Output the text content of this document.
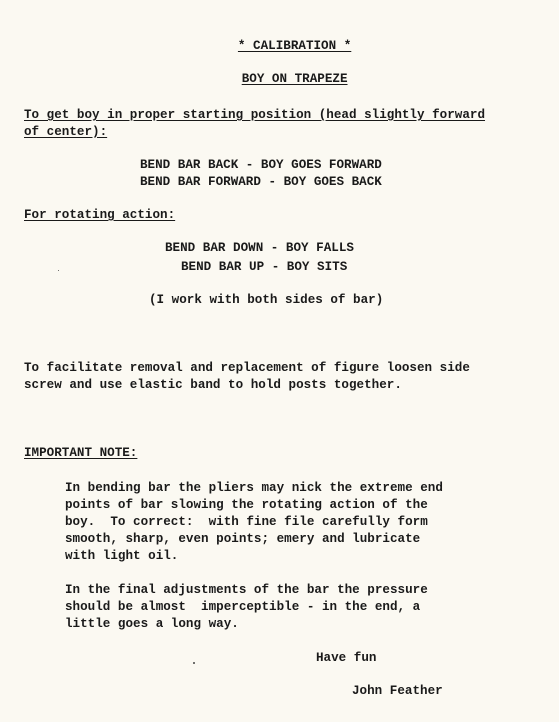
* CALIBRATION *

BOY ON TRAPEZE

To get boy in proper starting position (head slightly forward
of center):
BEND BAR BACK - BOY GOES FORWARD
BEND BAR FORWARD - BOY GOES BACK
For rotating action:
BEND BAR DOWN - BOY FALLS
BEND BAR UP - BOY SITS
(I work with both sides of bar)
To facilitate removal and replacement of figure loosen side
screw and use elastic band to hold posts together.
IMPORTANT NOTE:
In bending bar the pliers may nick the extreme end
points of bar slowing the rotating action of the
boy.  To correct:  with fine file carefully form
smooth, sharp, even points; emery and lubricate
with light oil.
In the final adjustments of the bar the pressure
should be almost  imperceptible - in the end, a
little goes a long way.
Have fun
John Feather
